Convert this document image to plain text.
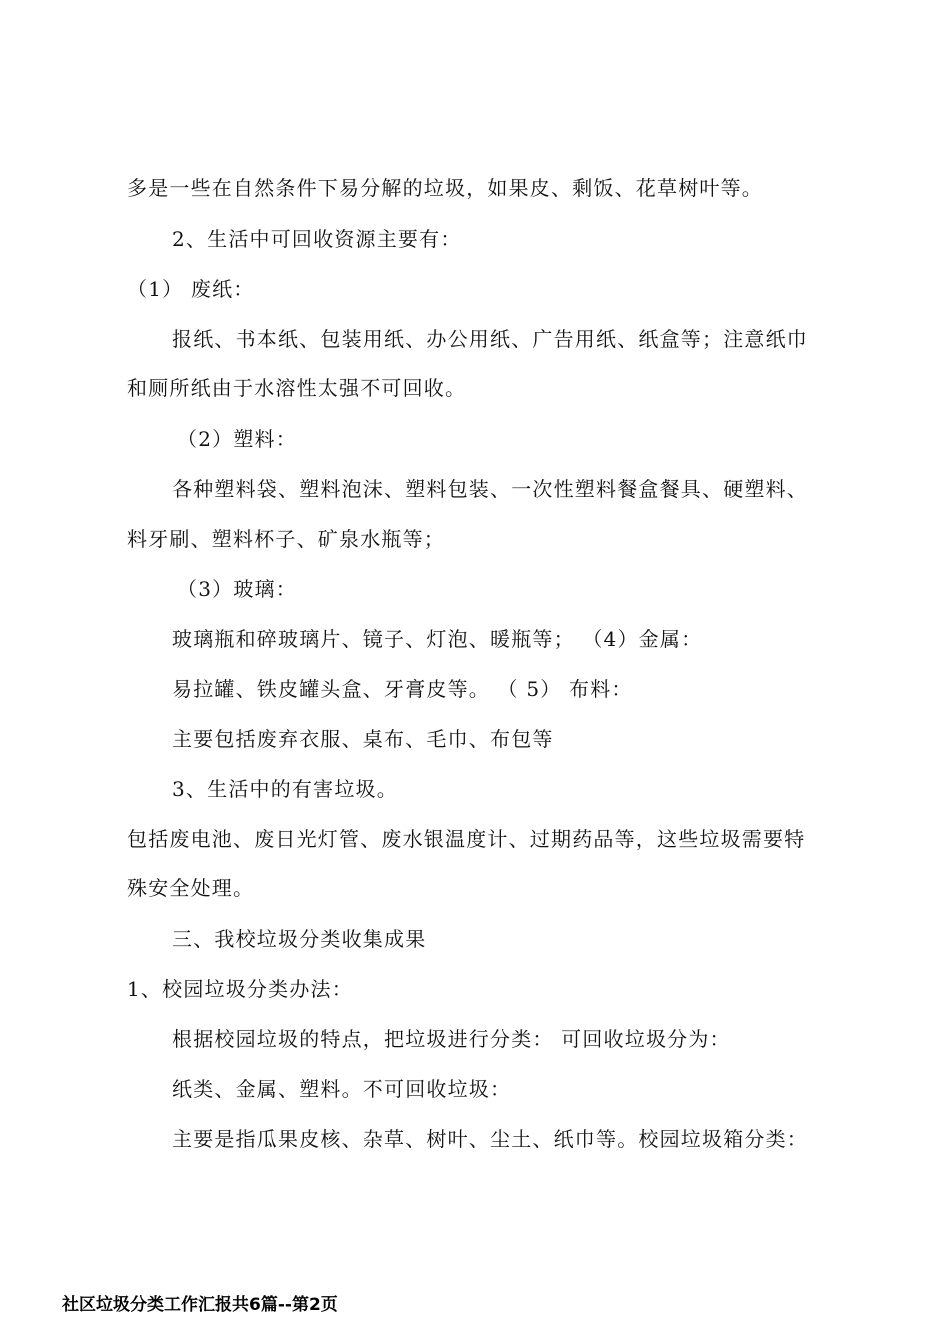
多是一些在自然条件下易分解的垃圾，如果皮、剩饭、花草树叶等。
2、生活中可回收资源主要有：
（1） 废纸：
报纸、书本纸、包装用纸、办公用纸、广告用纸、纸盒等；注意纸巾
和厕所纸由于水溶性太强不可回收。
（2）塑料：
各种塑料袋、塑料泡沫、塑料包装、一次性塑料餐盒餐具、硬塑料、
料牙刷、塑料杯子、矿泉水瓶等；
（3）玻璃：
玻璃瓶和碎玻璃片、镜子、灯泡、暖瓶等； （4）金属：
易拉罐、铁皮罐头盒、牙膏皮等。 （ 5） 布料：
主要包括废弃衣服、桌布、毛巾、布包等
3、生活中的有害垃圾。
包括废电池、废日光灯管、废水银温度计、过期药品等，这些垃圾需要特
殊安全处理。
三、我校垃圾分类收集成果
1、校园垃圾分类办法：
根据校园垃圾的特点，把垃圾进行分类： 可回收垃圾分为：
纸类、金属、塑料。不可回收垃圾：
主要是指瓜果皮核、杂草、树叶、尘土、纸巾等。校园垃圾箱分类：
社区垃圾分类工作汇报共6篇--第2页
